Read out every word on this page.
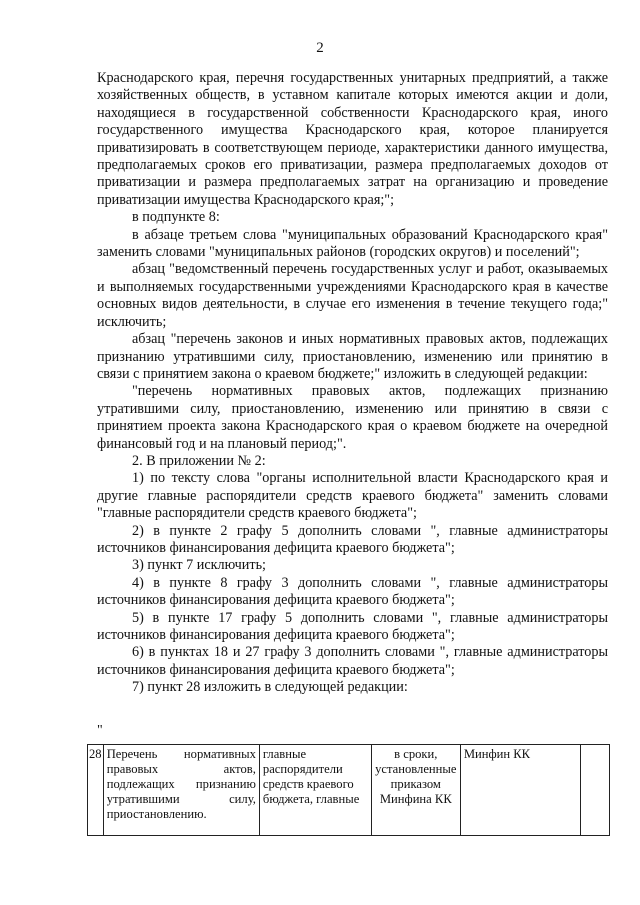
2

Краснодарского края, перечня государственных унитарных предприятий, а также хозяйственных обществ, в уставном капитале которых имеются акции и доли, находящиеся в государственной собственности Краснодарского края, иного государственного имущества Краснодарского края, которое планируется приватизировать в соответствующем периоде, характеристики данного имущества, предполагаемых сроков его приватизации, размера предполагаемых доходов от приватизации и размера предполагаемых затрат на организацию и проведение приватизации имущества Краснодарского края;";

в подпункте 8:

в абзаце третьем слова "муниципальных образований Краснодарского края" заменить словами "муниципальных районов (городских округов) и поселений";

абзац "ведомственный перечень государственных услуг и работ, оказываемых и выполняемых государственными учреждениями Краснодарского края в качестве основных видов деятельности, в случае его изменения в течение текущего года;" исключить;

абзац "перечень законов и иных нормативных правовых актов, подлежащих признанию утратившими силу, приостановлению, изменению или принятию в связи с принятием закона о краевом бюджете;" изложить в следующей редакции:

"перечень нормативных правовых актов, подлежащих признанию утратившими силу, приостановлению, изменению или принятию в связи с принятием проекта закона Краснодарского края о краевом бюджете на очередной финансовый год и на плановый период;".

2. В приложении № 2:

1) по тексту слова "органы исполнительной власти Краснодарского края и другие главные распорядители средств краевого бюджета" заменить словами "главные распорядители средств краевого бюджета";

2) в пункте 2 графу 5 дополнить словами ", главные администраторы источников финансирования дефицита краевого бюджета";

3) пункт 7 исключить;

4) в пункте 8 графу 3 дополнить словами ", главные администраторы источников финансирования дефицита краевого бюджета";

5) в пункте 17 графу 5 дополнить словами ", главные администраторы источников финансирования дефицита краевого бюджета";

6) в пунктах 18 и 27 графу 3 дополнить словами ", главные администраторы источников финансирования дефицита краевого бюджета";

7) пункт 28 изложить в следующей редакции:

"
28	Перечень нормативных правовых актов, подлежащих признанию утратившими силу, приостановлению.	главные распорядители средств краевого бюджета, главные	в сроки, установленные приказом Минфина КК	Минфин КК	
